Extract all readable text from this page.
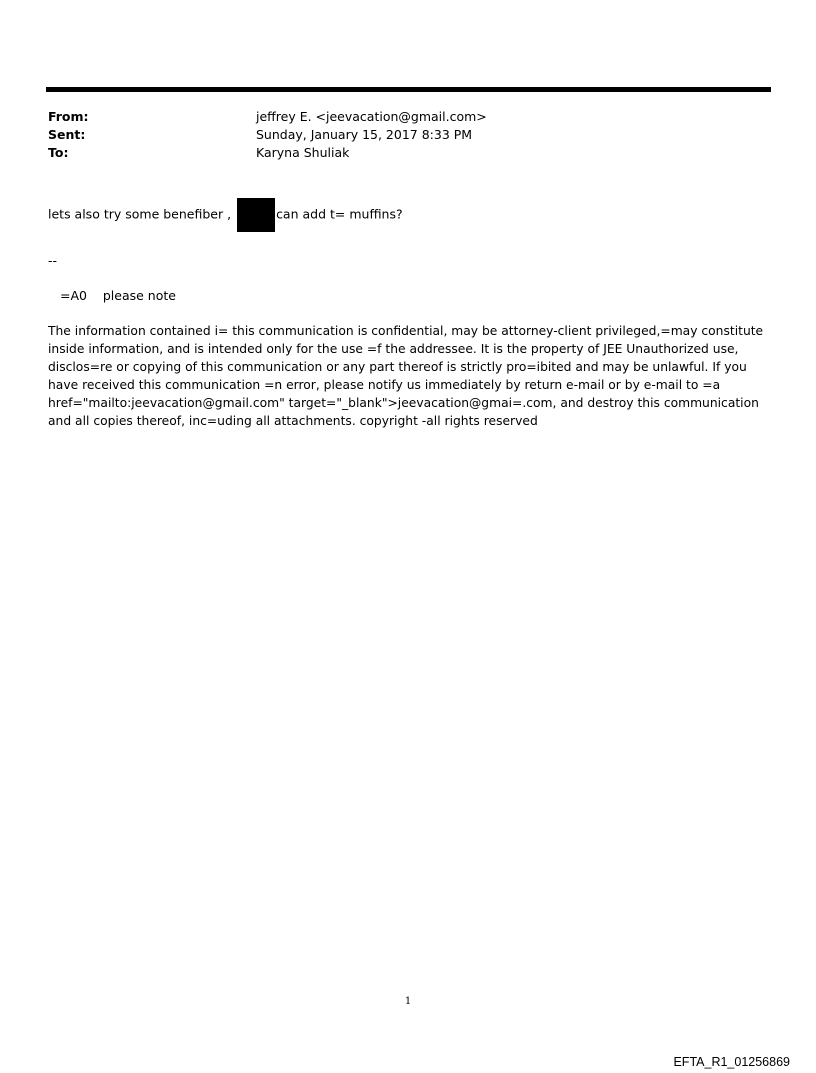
From:	jeffrey E. <jeevacation@gmail.com>
Sent:	Sunday, January 15, 2017 8:33 PM
To:	Karyna Shuliak
lets also try some benefiber ,	can add t= muffins?
--
=A0    please note

The information contained i= this communication is confidential, may be attorney-client privileged,=may constitute inside information, and is intended only for the use =f the addressee. It is the property of JEE Unauthorized use, disclos=re or copying of this communication or any part thereof is strictly pro=ibited and may be unlawful. If you have received this communication =n error, please notify us immediately by return e-mail or by e-mail to =a href="mailto:jeevacation@gmail.com" target="_blank">jeevacation@gmai=.com, and destroy this communication and all copies thereof, inc=uding all attachments. copyright -all rights reserved

1
EFTA_R1_01256869
